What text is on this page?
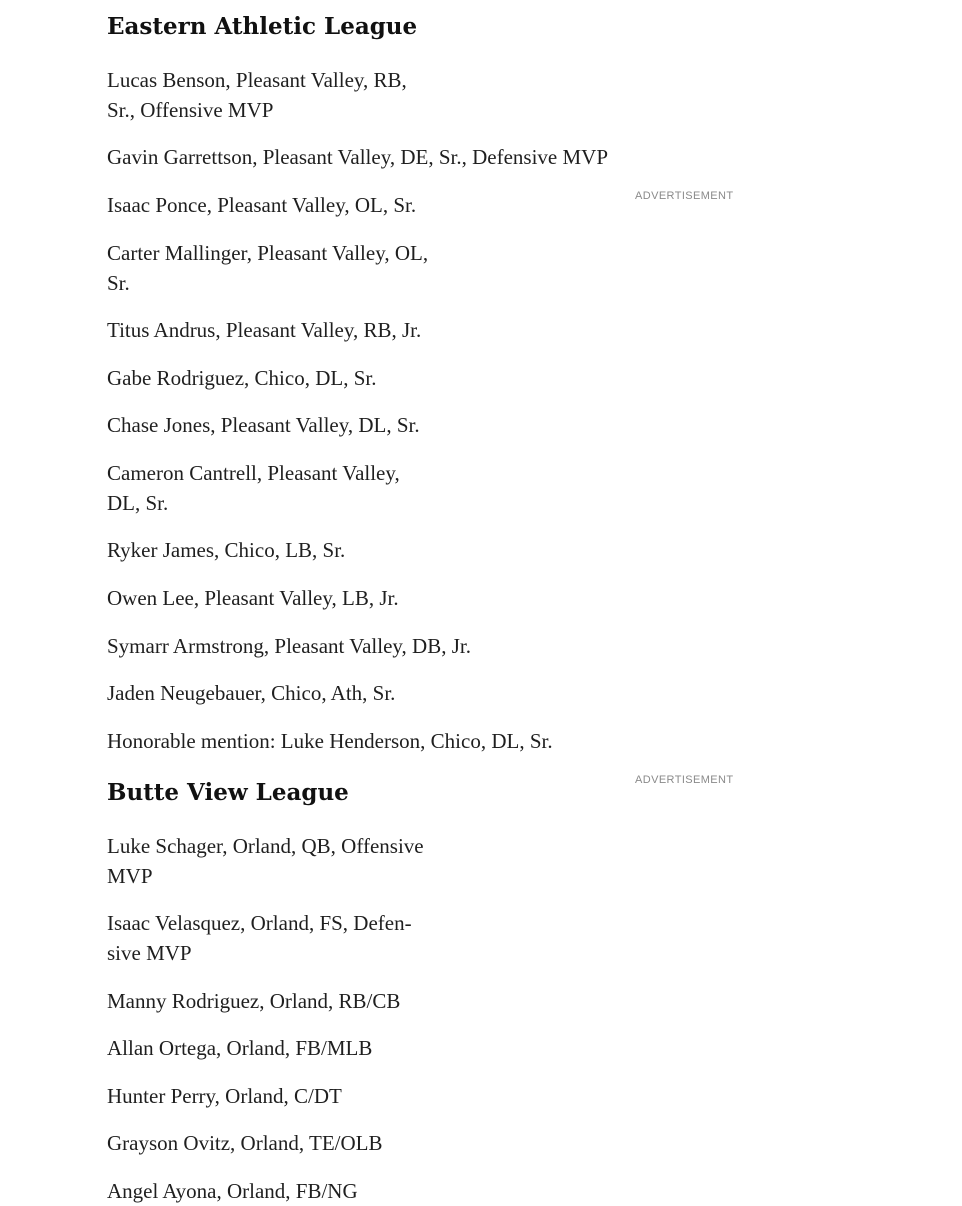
Eastern Athletic League

Lucas Benson, Pleasant Valley, RB,
Sr., Offensive MVP

Gavin Garrettson, Pleasant Valley, DE, Sr., Defensive MVP

Isaac Ponce, Pleasant Valley, OL, Sr.

Carter Mallinger, Pleasant Valley, OL,
Sr.

Titus Andrus, Pleasant Valley, RB, Jr.

Gabe Rodriguez, Chico, DL, Sr.

Chase Jones, Pleasant Valley, DL, Sr.

Cameron Cantrell, Pleasant Valley,
DL, Sr.

Ryker James, Chico, LB, Sr.

Owen Lee, Pleasant Valley, LB, Jr.

Symarr Armstrong, Pleasant Valley, DB, Jr.

Jaden Neugebauer, Chico, Ath, Sr.

Honorable mention: Luke Henderson, Chico, DL, Sr.

ADVERTISEMENT

ADVERTISEMENT

Butte View League

Luke Schager, Orland, QB, Offensive
MVP

Isaac Velasquez, Orland, FS, Defen-
sive MVP

Manny Rodriguez, Orland, RB/CB

Allan Ortega, Orland, FB/MLB

Hunter Perry, Orland, C/DT

Grayson Ovitz, Orland, TE/OLB

Angel Ayona, Orland, FB/NG
